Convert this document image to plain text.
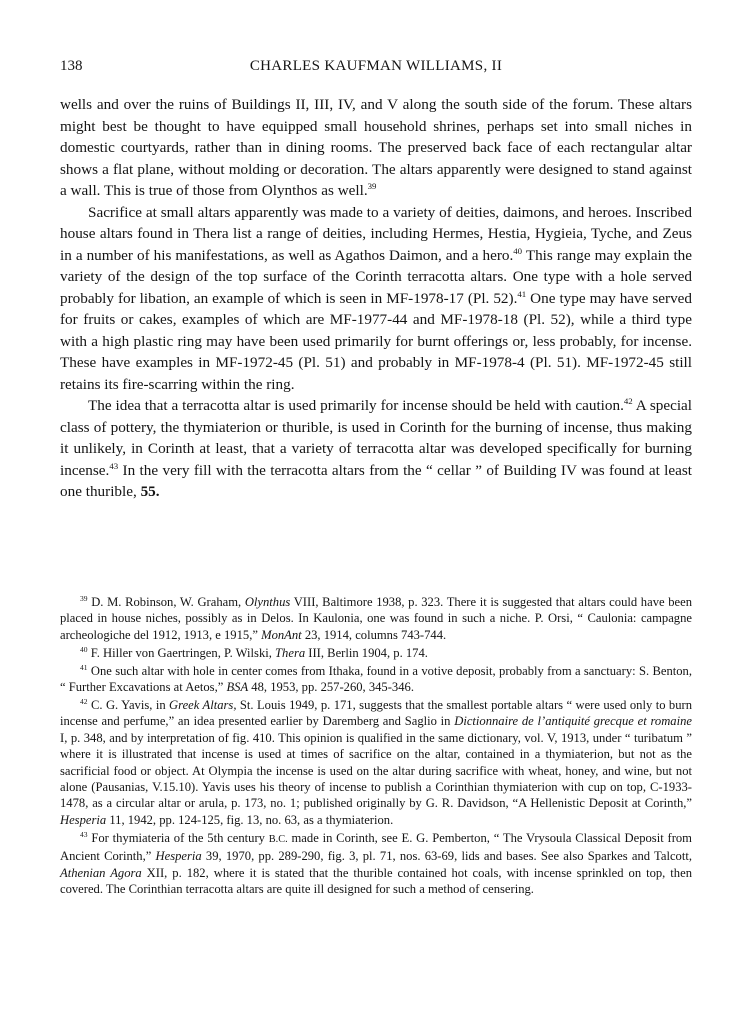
138	CHARLES KAUFMAN WILLIAMS, II

wells and over the ruins of Buildings II, III, IV, and V along the south side of the forum. These altars might best be thought to have equipped small household shrines, perhaps set into small niches in domestic courtyards, rather than in dining rooms. The preserved back face of each rectangular altar shows a flat plane, without molding or decoration. The altars apparently were designed to stand against a wall. This is true of those from Olynthos as well.$^{39}$

Sacrifice at small altars apparently was made to a variety of deities, daimons, and heroes. Inscribed house altars found in Thera list a range of deities, including Hermes, Hestia, Hygieia, Tyche, and Zeus in a number of his manifestations, as well as Agathos Daimon, and a hero.$^{40}$ This range may explain the variety of the design of the top surface of the Corinth terracotta altars. One type with a hole served probably for libation, an example of which is seen in MF-1978-17 (Pl. 52).$^{41}$ One type may have served for fruits or cakes, examples of which are MF-1977-44 and MF-1978-18 (Pl. 52), while a third type with a high plastic ring may have been used primarily for burnt offerings or, less probably, for incense. These have examples in MF-1972-45 (Pl. 51) and probably in MF-1978-4 (Pl. 51). MF-1972-45 still retains its fire-scarring within the ring.

The idea that a terracotta altar is used primarily for incense should be held with caution.$^{42}$ A special class of pottery, the thymiaterion or thurible, is used in Corinth for the burning of incense, thus making it unlikely, in Corinth at least, that a variety of terracotta altar was developed specifically for burning incense.$^{43}$ In the very fill with the terracotta altars from the “ cellar ” of Building IV was found at least one thurible, 55.

$^{39}$ D. M. Robinson, W. Graham, Olynthus VIII, Baltimore 1938, p. 323. There it is suggested that altars could have been placed in house niches, possibly as in Delos. In Kaulonia, one was found in such a niche. P. Orsi, “ Caulonia: campagne archeologiche del 1912, 1913, e 1915,” MonAnt 23, 1914, columns 743-744.

$^{40}$ F. Hiller von Gaertringen, P. Wilski, Thera III, Berlin 1904, p. 174.

$^{41}$ One such altar with hole in center comes from Ithaka, found in a votive deposit, probably from a sanctuary: S. Benton, “ Further Excavations at Aetos,” BSA 48, 1953, pp. 257-260, 345-346.

$^{42}$ C. G. Yavis, in Greek Altars, St. Louis 1949, p. 171, suggests that the smallest portable altars “ were used only to burn incense and perfume,” an idea presented earlier by Daremberg and Saglio in Dictionnaire de l’antiquité grecque et romaine I, p. 348, and by interpretation of fig. 410. This opinion is qualified in the same dictionary, vol. V, 1913, under “ turibatum ” where it is illustrated that incense is used at times of sacrifice on the altar, contained in a thymiaterion, but not as the sacrificial food or object. At Olympia the incense is used on the altar during sacrifice with wheat, honey, and wine, but not alone (Pausanias, V.15.10). Yavis uses his theory of incense to publish a Corinthian thymiaterion with cup on top, C-1933-1478, as a circular altar or arula, p. 173, no. 1; published originally by G. R. Davidson, “A Hellenistic Deposit at Corinth,” Hesperia 11, 1942, pp. 124-125, fig. 13, no. 63, as a thymiaterion.

$^{43}$ For thymiateria of the 5th century B.C. made in Corinth, see E. G. Pemberton, “ The Vrysoula Classical Deposit from Ancient Corinth,” Hesperia 39, 1970, pp. 289-290, fig. 3, pl. 71, nos. 63-69, lids and bases. See also Sparkes and Talcott, Athenian Agora XII, p. 182, where it is stated that the thurible contained hot coals, with incense sprinkled on top, then covered. The Corinthian terracotta altars are quite ill designed for such a method of censering.
